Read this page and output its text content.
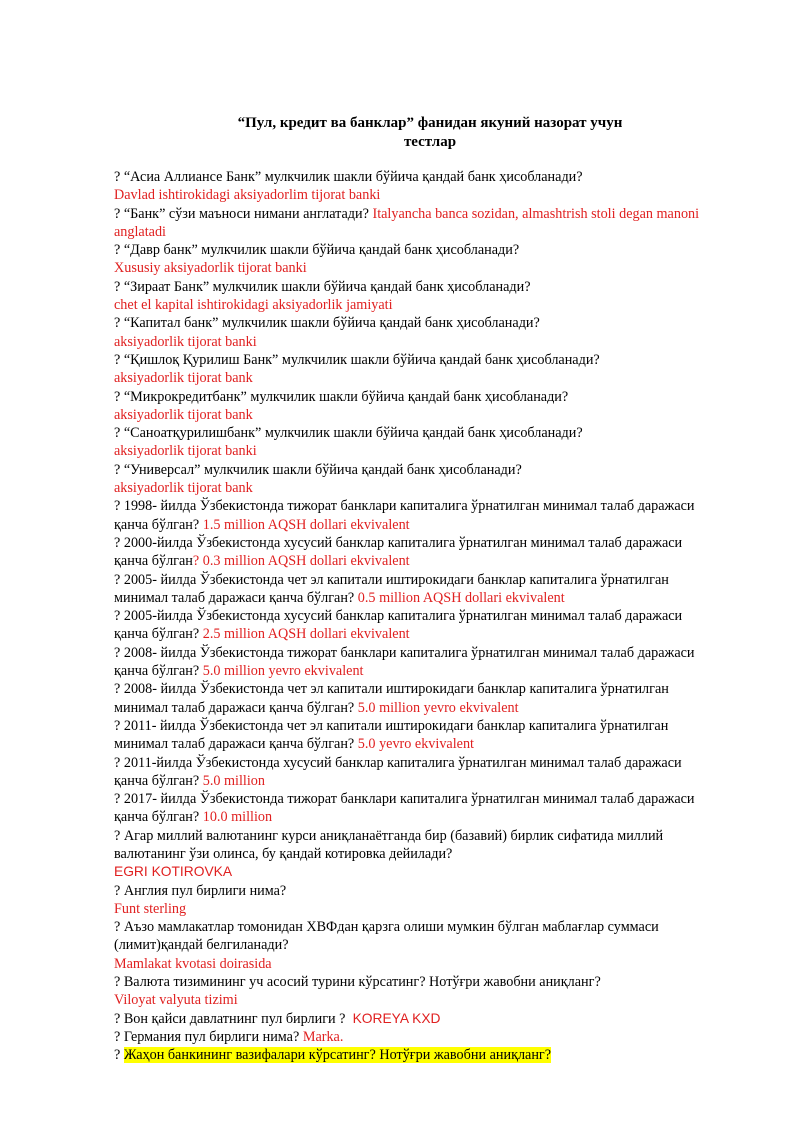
“Пул, кредит ва банклар” фанидан якуний назорат учун
тестлар
? “Асиа Аллиансе Банк” мулкчилик шакли бўйича қандай банк ҳисобланади?
Davlad ishtirokidagi aksiyadorlim tijorat banki
? “Банк” сўзи маъноси нимани англатади? Italyancha banca sozidan, almashtrish stoli degan manoni anglatadi
? “Давр банк” мулкчилик шакли бўйича қандай банк ҳисобланади?
Xususiy aksiyadorlik tijorat banki
? “Зираат Банк” мулкчилик шакли бўйича қандай банк ҳисобланади?
chet el kapital ishtirokidagi aksiyadorlik jamiyati
? “Капитал банк” мулкчилик шакли бўйича қандай банк ҳисобланади?
aksiyadorlik tijorat banki
? “Қишлоқ Қурилиш Банк” мулкчилик шакли бўйича қандай банк ҳисобланади?
aksiyadorlik tijorat bank
? “Микрокредитбанк” мулкчилик шакли бўйича қандай банк ҳисобланади?
aksiyadorlik tijorat bank
? “Саноатқурилишбанк” мулкчилик шакли бўйича қандай банк ҳисобланади?
aksiyadorlik tijorat banki
? “Универсал” мулкчилик шакли бўйича қандай банк ҳисобланади?
aksiyadorlik tijorat bank
? 1998- йилда Ўзбекистонда тижорат банклари капиталига ўрнатилган минимал талаб даражаси
қанча бўлган? 1.5 million AQSH dollari ekvivalent
? 2000-йилда Ўзбекистонда хусусий банклар капиталига ўрнатилган минимал талаб даражаси
қанча бўлган? 0.3 million AQSH dollari ekvivalent
? 2005- йилда Ўзбекистонда чет эл капитали иштирокидаги банклар капиталига ўрнатилган
минимал талаб даражаси қанча бўлган? 0.5 million AQSH dollari ekvivalent
? 2005-йилда Ўзбекистонда хусусий банклар капиталига ўрнатилган минимал талаб даражаси
қанча бўлган? 2.5 million AQSH dollari ekvivalent
? 2008- йилда Ўзбекистонда тижорат банклари капиталига ўрнатилган минимал талаб даражаси
қанча бўлган? 5.0 million yevro ekvivalent
? 2008- йилда Ўзбекистонда чет эл капитали иштирокидаги банклар капиталига ўрнатилган
минимал талаб даражаси қанча бўлган? 5.0 million yevro ekvivalent
? 2011- йилда Ўзбекистонда чет эл капитали иштирокидаги банклар капиталига ўрнатилган
минимал талаб даражаси қанча бўлган? 5.0 yevro ekvivalent
? 2011-йилда Ўзбекистонда хусусий банклар капиталига ўрнатилган минимал талаб даражаси
қанча бўлган? 5.0 million
? 2017- йилда Ўзбекистонда тижорат банклари капиталига ўрнатилган минимал талаб даражаси
қанча бўлган? 10.0 million
? Агар миллий валютанинг курси аниқланаётганда бир (базавий) бирлик сифатида миллий
валютанинг ўзи олинса, бу қандай котировка дейилади?
EGRI KOTIROVKA
? Англия пул бирлиги нима?
Funt sterling
? Аъзо мамлакатлар томонидан ХВФдан қарзга олиши мумкин бўлган маблағлар суммаси
(лимит)қандай белгиланади?
Mamlakat kvotasi doirasida
? Валюта тизимининг уч асосий турини кўрсатинг? Нотўғри жавобни аниқланг?
Viloyat valyuta tizimi
? Вон қайси давлатнинг пул бирлиги ? KOREYA KXD
? Германия пул бирлиги нима? Marka.
? Жаҳон банкининг вазифалари кўрсатинг? Нотўғри жавобни аниқланг?
